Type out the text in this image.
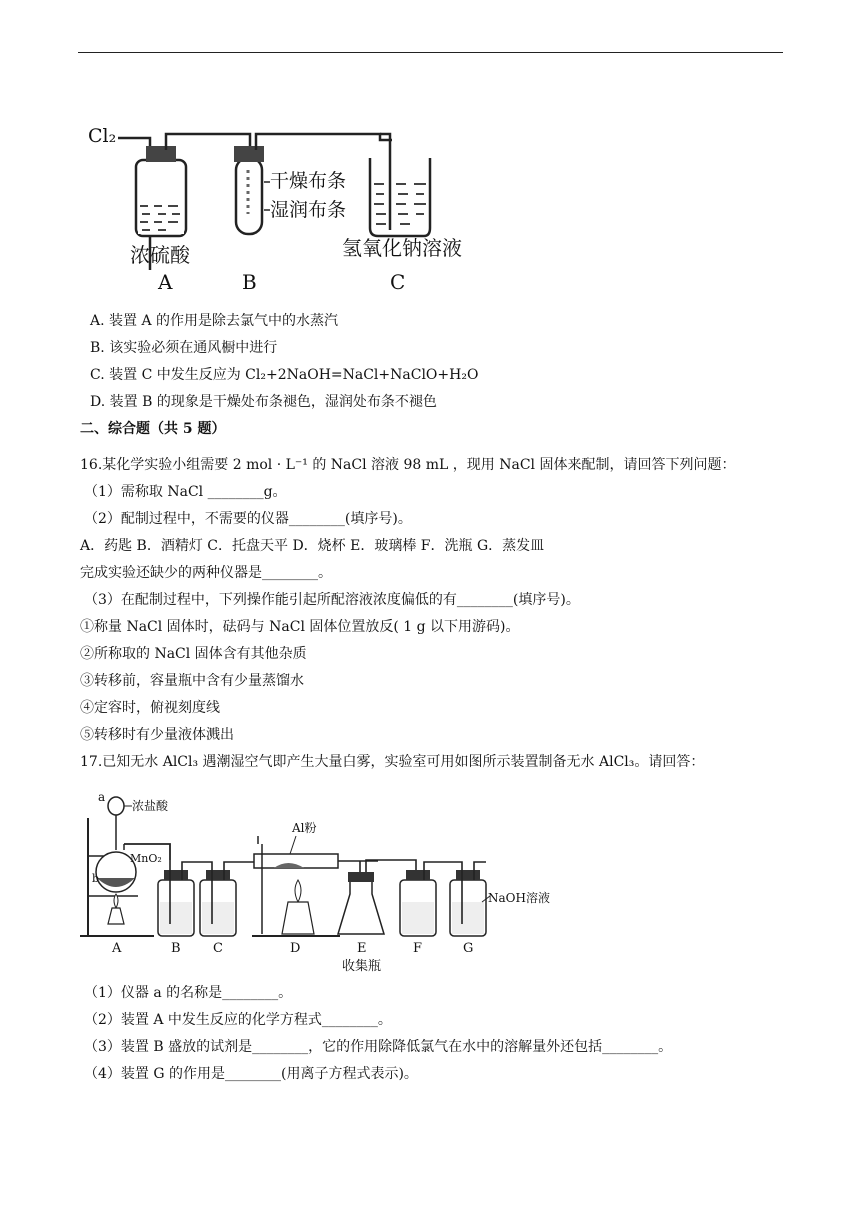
Cl₂
干燥布条
湿润布条
浓硫酸	氢氧化钠溶液
A	B	C
A. 装置 A 的作用是除去氯气中的水蒸汽
B. 该实验必须在通风橱中进行
C. 装置 C 中发生反应为 Cl₂+2NaOH=NaCl+NaClO+H₂O
D. 装置 B 的现象是干燥处布条褪色，湿润处布条不褪色
二、综合题（共 5 题）
16.某化学实验小组需要 2 mol · L⁻¹ 的 NaCl 溶液 98 mL ，现用 NaCl 固体来配制，请回答下列问题：
（1）需称取 NaCl ________g。
（2）配制过程中，不需要的仪器________(填序号)。
A．药匙 B．酒精灯 C．托盘天平 D．烧杯 E．玻璃棒 F．洗瓶 G．蒸发皿
完成实验还缺少的两种仪器是________。
（3）在配制过程中，下列操作能引起所配溶液浓度偏低的有________(填序号)。
①称量 NaCl 固体时，砝码与 NaCl 固体位置放反( 1 g 以下用游码)。
②所称取的 NaCl 固体含有其他杂质
③转移前，容量瓶中含有少量蒸馏水
④定容时，俯视刻度线
⑤转移时有少量液体溅出
17.已知无水 AlCl₃ 遇潮湿空气即产生大量白雾，实验室可用如图所示装置制备无水 AlCl₃。请回答：
a
浓盐酸
MnO₂
b
Al粉
NaOH溶液
A	B C	D	E	F	G
收集瓶
（1）仪器 a 的名称是________。
（2）装置 A 中发生反应的化学方程式________。
（3）装置 B 盛放的试剂是________，它的作用除降低氯气在水中的溶解量外还包括________。
（4）装置 G 的作用是________(用离子方程式表示)。
